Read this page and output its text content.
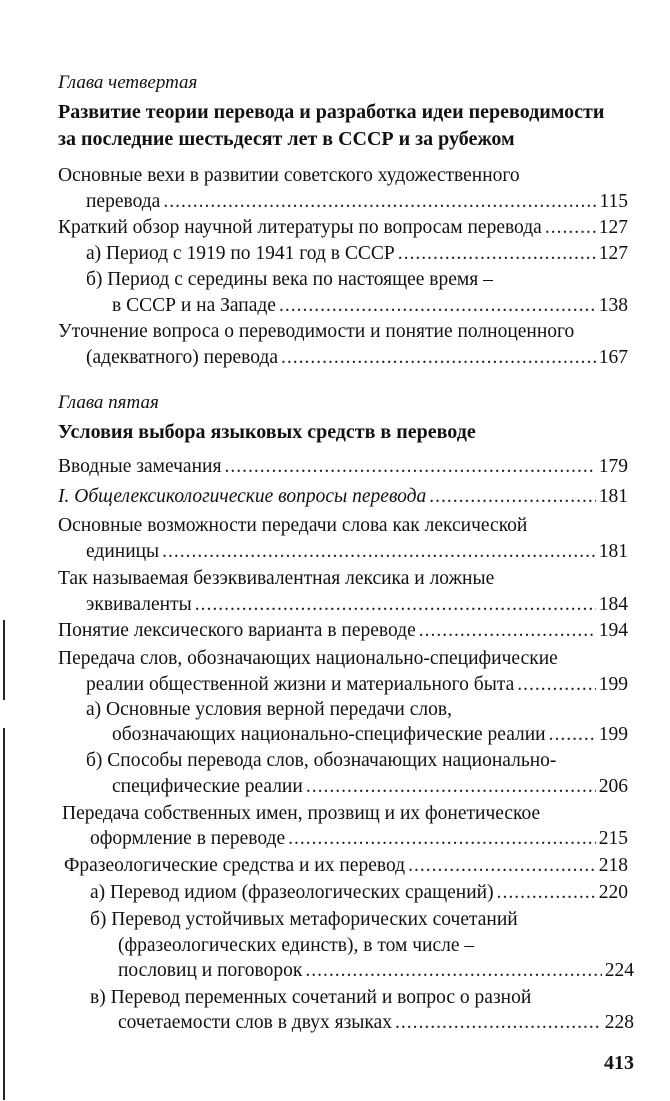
Глава четвертая
Развитие теории перевода и разработка идеи переводимости
за последние шестьдесят лет в СССР и за рубежом
Основные вехи в развитии советского художественного
перевода .....	115
Краткий обзор научной литературы по вопросам перевода .....	127
а) Период с 1919 по 1941 год в СССР .....	127
б) Период с середины века по настоящее время –
в СССР и на Западе .....	138
Уточнение вопроса о переводимости и понятие полноценного
(адекватного) перевода .....	167
Глава пятая
Условия выбора языковых средств в переводе
Вводные замечания .....	179
I. Общелексикологические вопросы перевода .....	181
Основные возможности передачи слова как лексической
единицы .....	181
Так называемая безэквивалентная лексика и ложные
эквиваленты .....	184
Понятие лексического варианта в переводе .....	194
Передача слов, обозначающих национально-специфические
реалии общественной жизни и материального быта .....	199
а) Основные условия верной передачи слов,
обозначающих национально-специфические реалии .....	199
б) Способы перевода слов, обозначающих национально-
специфические реалии .....	206
Передача собственных имен, прозвищ и их фонетическое
оформление в переводе .....	215
Фразеологические средства и их перевод .....	218
а) Перевод идиом (фразеологических сращений) .....	220
б) Перевод устойчивых метафорических сочетаний
(фразеологических единств), в том числе –
пословиц и поговорок .....	224
в) Перевод переменных сочетаний и вопрос о разной
сочетаемости слов в двух языках .....	228
413
